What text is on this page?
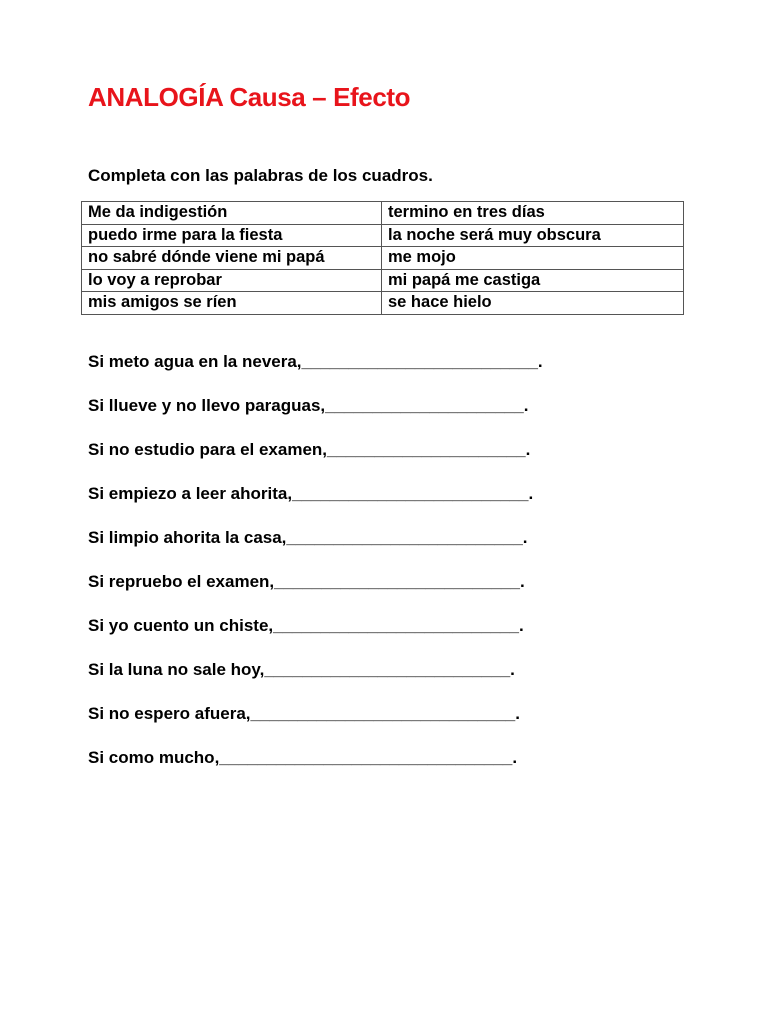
ANALOGÍA Causa – Efecto
Completa con las palabras de los cuadros.
Me da indigestión	termino en tres días
puedo irme para la fiesta	la noche será muy obscura
no sabré dónde viene mi papá	me mojo
lo voy a reprobar	mi papá me castiga
mis amigos se ríen	se hace hielo
Si meto agua en la nevera,_________________________.
Si llueve y no llevo paraguas,_____________________.
Si no estudio para el examen,_____________________.
Si empiezo a leer ahorita,_________________________.
Si limpio ahorita la casa,_________________________.
Si repruebo el examen,__________________________.
Si yo cuento un chiste,__________________________.
Si la luna no sale hoy,__________________________.
Si no espero afuera,____________________________.
Si como mucho,_______________________________.
